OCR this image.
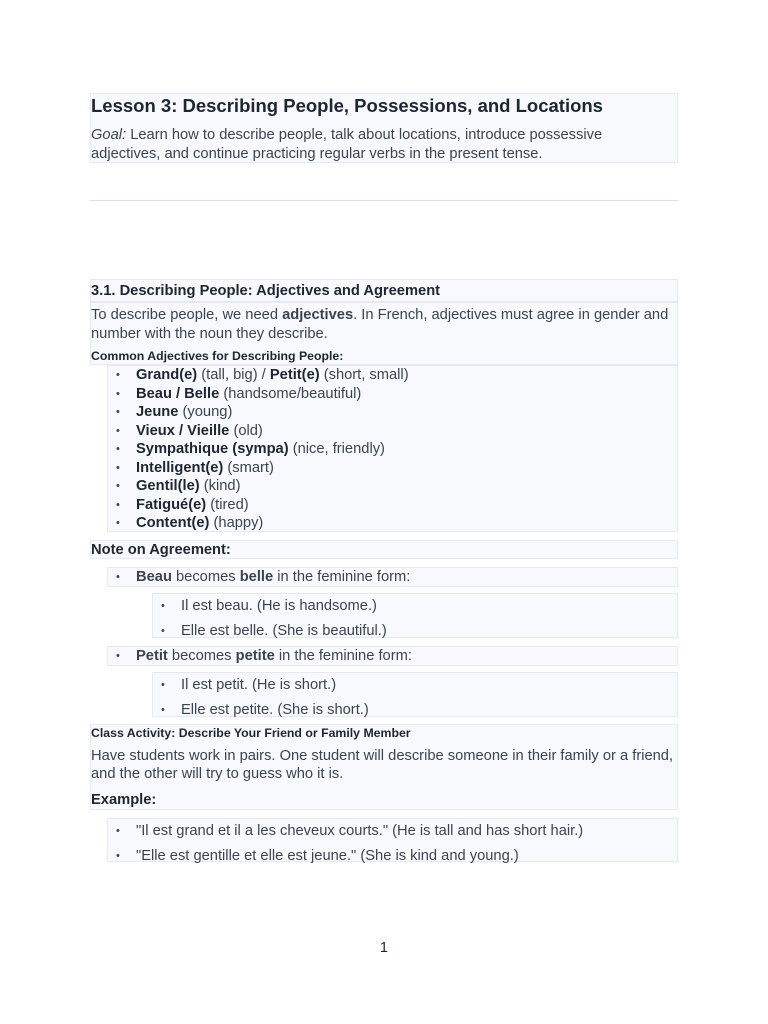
Lesson 3: Describing People, Possessions, and Locations

Goal: Learn how to describe people, talk about locations, introduce possessive adjectives, and continue practicing regular verbs in the present tense.

3.1. Describing People: Adjectives and Agreement

To describe people, we need adjectives. In French, adjectives must agree in gender and number with the noun they describe.

Common Adjectives for Describing People:
• Grand(e) (tall, big) / Petit(e) (short, small)
• Beau / Belle (handsome/beautiful)
• Jeune (young)
• Vieux / Vieille (old)
• Sympathique (sympa) (nice, friendly)
• Intelligent(e) (smart)
• Gentil(le) (kind)
• Fatigué(e) (tired)
• Content(e) (happy)
Note on Agreement:
• Beau becomes belle in the feminine form:
• Il est beau. (He is handsome.)
• Elle est belle. (She is beautiful.)
• Petit becomes petite in the feminine form:
• Il est petit. (He is short.)
• Elle est petite. (She is short.)
Class Activity: Describe Your Friend or Family Member

Have students work in pairs. One student will describe someone in their family or a friend, and the other will try to guess who it is.

Example:
• "Il est grand et il a les cheveux courts." (He is tall and has short hair.)
• "Elle est gentille et elle est jeune." (She is kind and young.)
1
